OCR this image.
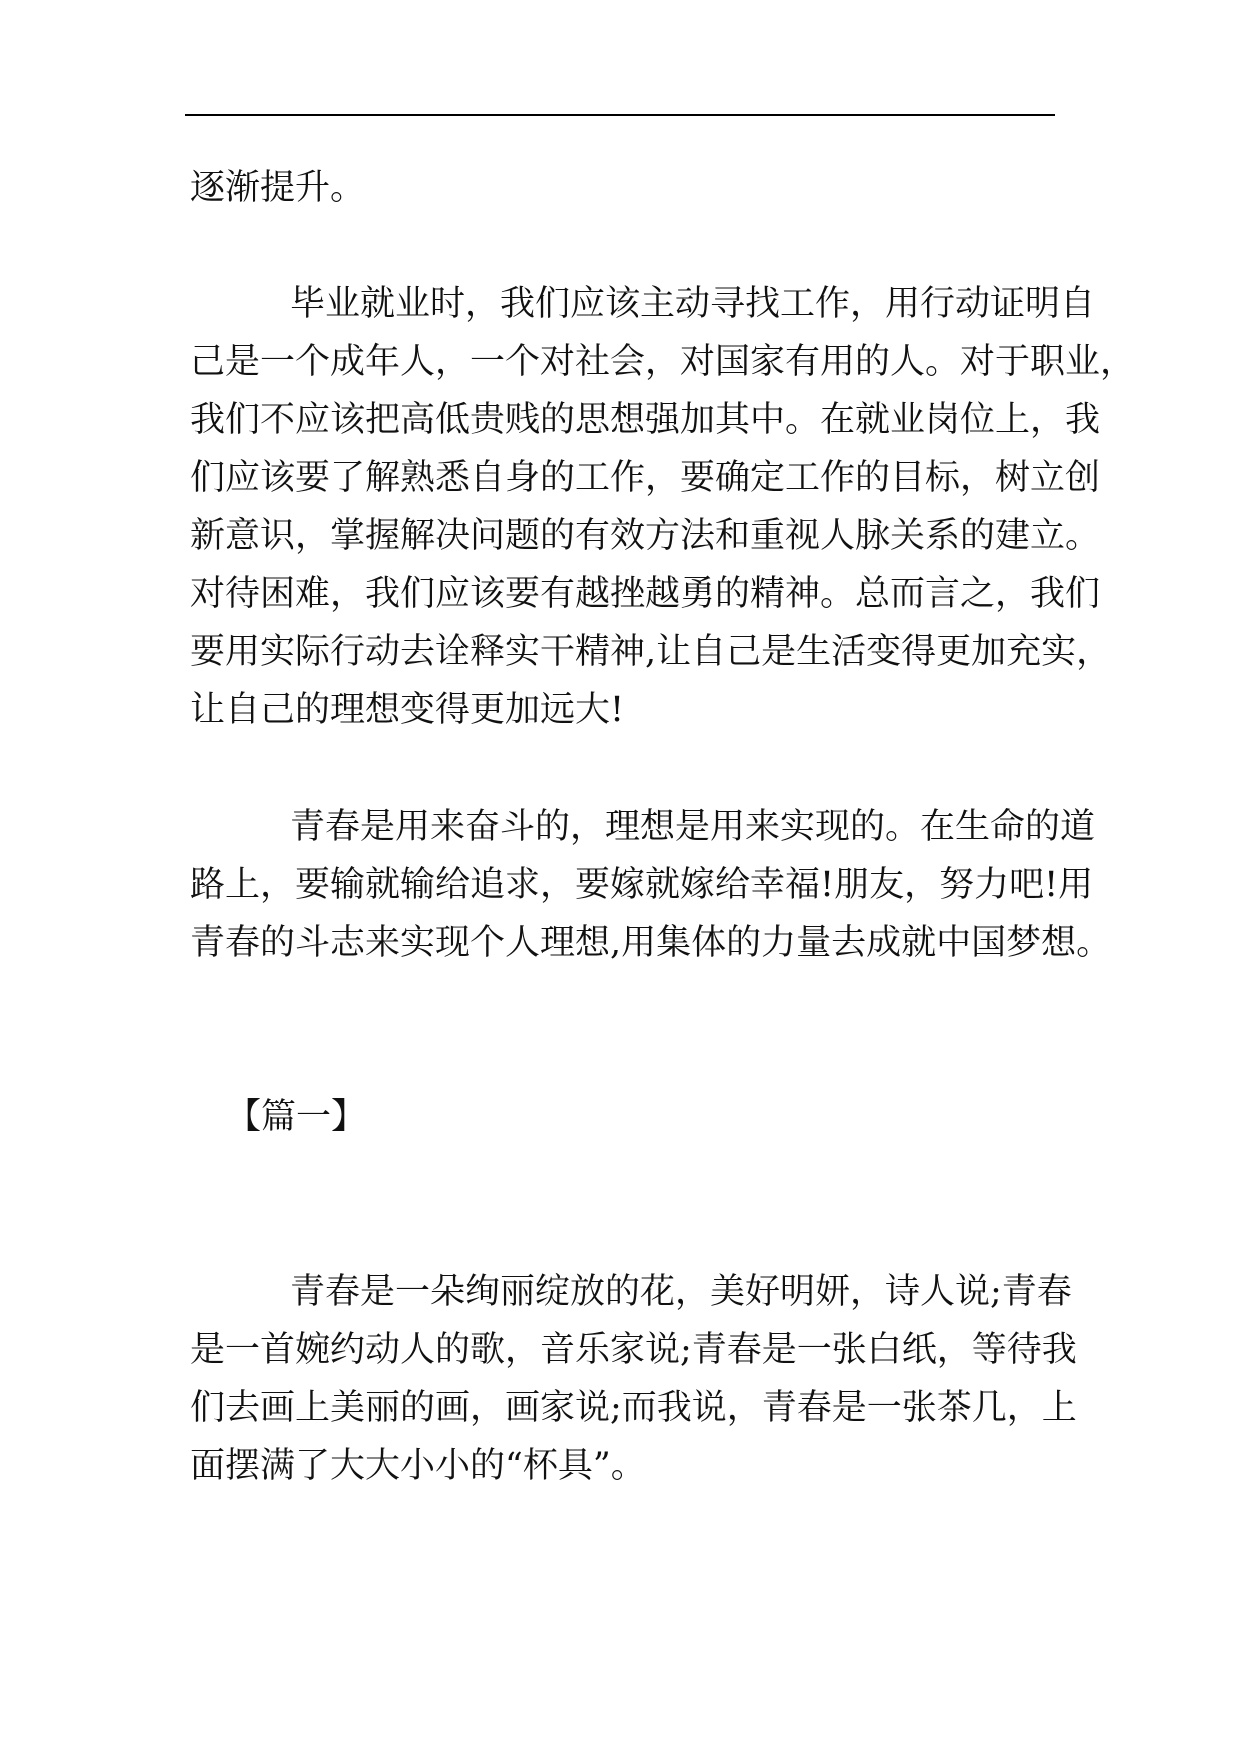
逐渐提升。
毕业就业时，我们应该主动寻找工作，用行动证明自
己是一个成年人，一个对社会，对国家有用的人。对于职业，
我们不应该把高低贵贱的思想强加其中。在就业岗位上，我
们应该要了解熟悉自身的工作，要确定工作的目标，树立创
新意识，掌握解决问题的有效方法和重视人脉关系的建立。
对待困难，我们应该要有越挫越勇的精神。总而言之，我们
要用实际行动去诠释实干精神,让自己是生活变得更加充实，
让自己的理想变得更加远大!
青春是用来奋斗的，理想是用来实现的。在生命的道
路上，要输就输给追求，要嫁就嫁给幸福!朋友，努力吧!用
青春的斗志来实现个人理想,用集体的力量去成就中国梦想。
【篇一】
青春是一朵绚丽绽放的花，美好明妍，诗人说;青春
是一首婉约动人的歌，音乐家说;青春是一张白纸，等待我
们去画上美丽的画，画家说;而我说，青春是一张茶几，上
面摆满了大大小小的“杯具”。
